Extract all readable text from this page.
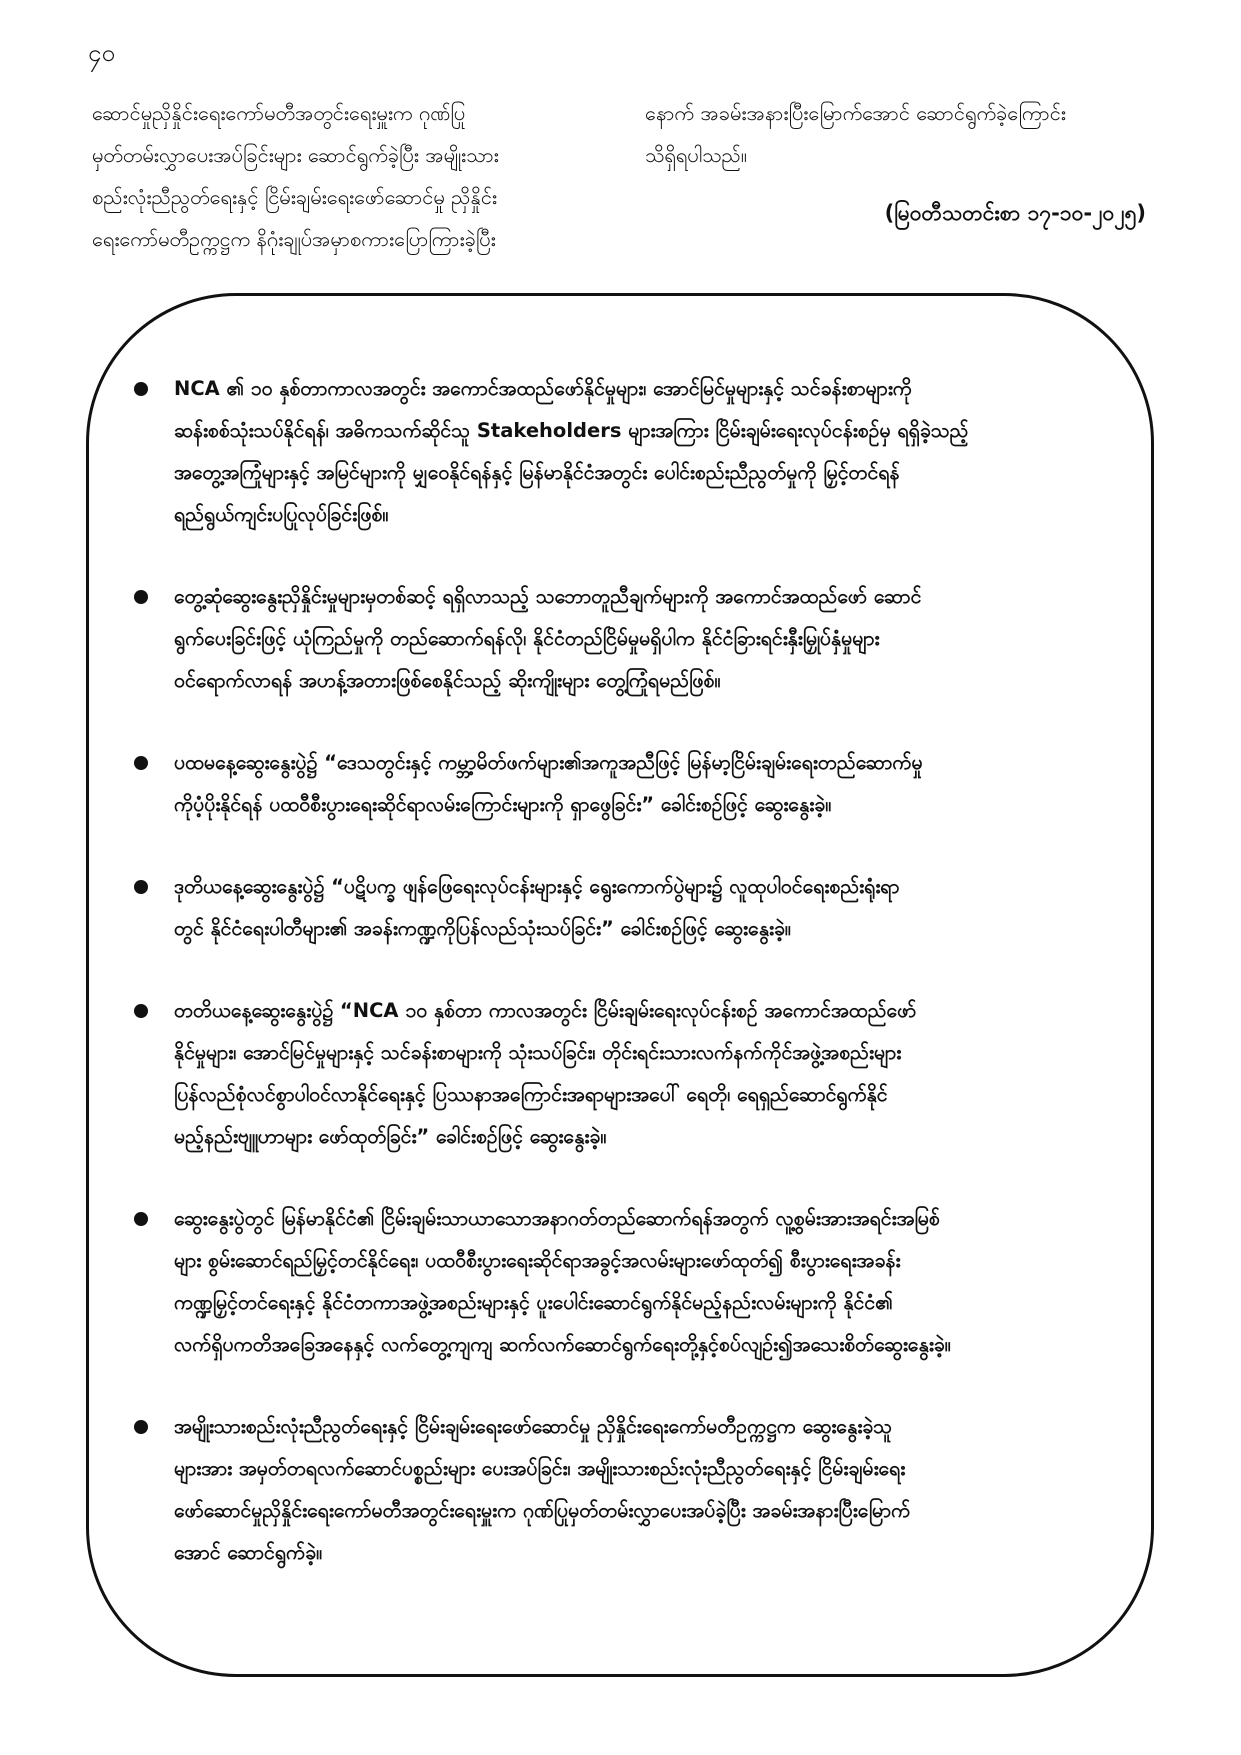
၄၀
ဆောင်မှုညှိနှိုင်းရေးကော်မတီအတွင်းရေးမှူးက ဂုဏ်ပြု
မှတ်တမ်းလွှာပေးအပ်ခြင်းများ ဆောင်ရွက်ခဲ့ပြီး အမျိုးသား
စည်းလုံးညီညွတ်ရေးနှင့် ငြိမ်းချမ်းရေးဖော်ဆောင်မှု ညှိနှိုင်း
ရေးကော်မတီဥက္ကဋ္ဌက နိဂုံးချုပ်အမှာစကားပြောကြားခဲ့ပြီး
နောက် အခမ်းအနားပြီးမြောက်အောင် ဆောင်ရွက်ခဲ့ကြောင်း
သိရှိရပါသည်။
(မြဝတီသတင်းစာ ၁၇-၁၀-၂၀၂၅)
NCA ၏ ၁၀ နှစ်တာကာလအတွင်း အကောင်အထည်ဖော်နိုင်မှုများ၊ အောင်မြင်မှုများနှင့် သင်ခန်းစာများကို
ဆန်းစစ်သုံးသပ်နိုင်ရန်၊ အဓိကသက်ဆိုင်သူ Stakeholders များအကြား ငြိမ်းချမ်းရေးလုပ်ငန်းစဉ်မှ ရရှိခဲ့သည့်
အတွေ့အကြုံများနှင့် အမြင်များကို မျှဝေနိုင်ရန်နှင့် မြန်မာနိုင်ငံအတွင်း ပေါင်းစည်းညီညွတ်မှုကို မြှင့်တင်ရန်
ရည်ရွယ်ကျင်းပပြုလုပ်ခြင်းဖြစ်။
တွေ့ဆုံဆွေးနွေးညှိနှိုင်းမှုများမှတစ်ဆင့် ရရှိလာသည့် သဘောတူညီချက်များကို အကောင်အထည်ဖော် ဆောင်
ရွက်ပေးခြင်းဖြင့် ယုံကြည်မှုကို တည်ဆောက်ရန်လို၊ နိုင်ငံတည်ငြိမ်မှုမရှိပါက နိုင်ငံခြားရင်းနှီးမြှုပ်နှံမှုများ
ဝင်ရောက်လာရန် အဟန့်အတားဖြစ်စေနိုင်သည့် ဆိုးကျိုးများ တွေ့ကြုံရမည်ဖြစ်။
ပထမနေ့ဆွေးနွေးပွဲ၌ “ဒေသတွင်းနှင့် ကမ္ဘာ့မိတ်ဖက်များ၏အကူအညီဖြင့် မြန်မာ့ငြိမ်းချမ်းရေးတည်ဆောက်မှု
ကိုပံ့ပိုးနိုင်ရန် ပထဝီစီးပွားရေးဆိုင်ရာလမ်းကြောင်းများကို ရှာဖွေခြင်း” ခေါင်းစဉ်ဖြင့် ဆွေးနွေးခဲ့။
ဒုတိယနေ့ဆွေးနွေးပွဲ၌ “ပဋိပက္ခ ဖျန်ဖြေရေးလုပ်ငန်းများနှင့် ရွေးကောက်ပွဲများ၌ လူထုပါဝင်ရေးစည်းရုံးရာ
တွင် နိုင်ငံရေးပါတီများ၏ အခန်းကဏ္ဍကိုပြန်လည်သုံးသပ်ခြင်း” ခေါင်းစဉ်ဖြင့် ဆွေးနွေးခဲ့။
တတိယနေ့ဆွေးနွေးပွဲ၌ “NCA ၁၀ နှစ်တာ ကာလအတွင်း ငြိမ်းချမ်းရေးလုပ်ငန်းစဉ် အကောင်အထည်ဖော်
နိုင်မှုများ၊ အောင်မြင်မှုများနှင့် သင်ခန်းစာများကို သုံးသပ်ခြင်း၊ တိုင်းရင်းသားလက်နက်ကိုင်အဖွဲ့အစည်းများ
ပြန်လည်စုံလင်စွာပါဝင်လာနိုင်ရေးနှင့် ပြဿနာအကြောင်းအရာများအပေါ် ရေတို၊ ရေရှည်ဆောင်ရွက်နိုင်
မည့်နည်းဗျူဟာများ ဖော်ထုတ်ခြင်း” ခေါင်းစဉ်ဖြင့် ဆွေးနွေးခဲ့။
ဆွေးနွေးပွဲတွင် မြန်မာနိုင်ငံ၏ ငြိမ်းချမ်းသာယာသောအနာဂတ်တည်ဆောက်ရန်အတွက် လူ့စွမ်းအားအရင်းအမြစ်
များ စွမ်းဆောင်ရည်မြှင့်တင်နိုင်ရေး၊ ပထဝီစီးပွားရေးဆိုင်ရာအခွင့်အလမ်းများဖော်ထုတ်၍ စီးပွားရေးအခန်း
ကဏ္ဍမြှင့်တင်ရေးနှင့် နိုင်ငံတကာအဖွဲ့အစည်းများနှင့် ပူးပေါင်းဆောင်ရွက်နိုင်မည့်နည်းလမ်းများကို နိုင်ငံ၏
လက်ရှိပကတိအခြေအနေနှင့် လက်တွေ့ကျကျ ဆက်လက်ဆောင်ရွက်ရေးတို့နှင့်စပ်လျဉ်း၍အသေးစိတ်ဆွေးနွေးခဲ့။
အမျိုးသားစည်းလုံးညီညွတ်ရေးနှင့် ငြိမ်းချမ်းရေးဖော်ဆောင်မှု ညှိနှိုင်းရေးကော်မတီဥက္ကဋ္ဌက ဆွေးနွေးခဲ့သူ
များအား အမှတ်တရလက်ဆောင်ပစ္စည်းများ ပေးအပ်ခြင်း၊ အမျိုးသားစည်းလုံးညီညွတ်ရေးနှင့် ငြိမ်းချမ်းရေး
ဖော်ဆောင်မှုညှိနှိုင်းရေးကော်မတီအတွင်းရေးမှူးက ဂုဏ်ပြုမှတ်တမ်းလွှာပေးအပ်ခဲ့ပြီး အခမ်းအနားပြီးမြောက်
အောင် ဆောင်ရွက်ခဲ့။
